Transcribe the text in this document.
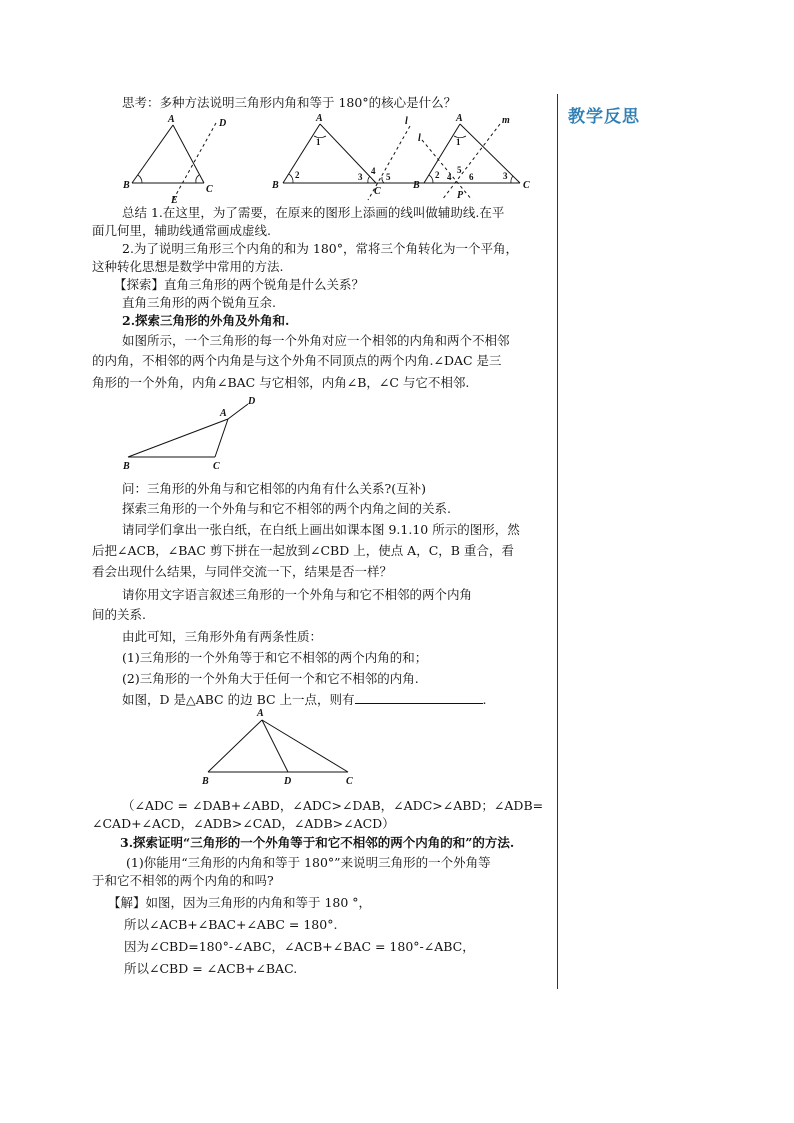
教学反思
思考：多种方法说明三角形内角和等于 180°的核心是什么？
B
A
C
D
E
B
A
C
l
1
2	3
4
5
B
A
C
P
l
m
1
2	3
4
5
6
总结 1.在这里，为了需要，在原来的图形上添画的线叫做辅助线.在平
面几何里，辅助线通常画成虚线.
2.为了说明三角形三个内角的和为 180°，常将三个角转化为一个平角，
这种转化思想是数学中常用的方法.
【探索】直角三角形的两个锐角是什么关系？
直角三角形的两个锐角互余.
2.探索三角形的外角及外角和.
如图所示，一个三角形的每一个外角对应一个相邻的内角和两个不相邻
的内角，不相邻的两个内角是与这个外角不同顶点的两个内角.∠DAC 是三
角形的一个外角，内角∠BAC 与它相邻，内角∠B，∠C 与它不相邻.
B	C
A
D
问：三角形的外角与和它相邻的内角有什么关系?(互补)
探索三角形的一个外角与和它不相邻的两个内角之间的关系.
请同学们拿出一张白纸，在白纸上画出如课本图 9.1.10 所示的图形，然
后把∠ACB，∠BAC 剪下拼在一起放到∠CBD 上，使点 A，C，B 重合，看
看会出现什么结果，与同伴交流一下，结果是否一样？
请你用文字语言叙述三角形的一个外角与和它不相邻的两个内角
间的关系.
由此可知，三角形外角有两条性质：
(1)三角形的一个外角等于和它不相邻的两个内角的和；
(2)三角形的一个外角大于任何一个和它不相邻的内角.
如图，D 是△ABC 的边 BC 上一点，则有	.
A
B	D	C
（∠ADC = ∠DAB+∠ABD，∠ADC>∠DAB，∠ADC>∠ABD；∠ADB=
∠CAD+∠ACD，∠ADB>∠CAD，∠ADB>∠ACD）
3.探索证明“三角形的一个外角等于和它不相邻的两个内角的和”的方法.
(1)你能用“三角形的内角和等于 180°”来说明三角形的一个外角等
于和它不相邻的两个内角的和吗?
【解】如图，因为三角形的内角和等于 180 °，
所以∠ACB+∠BAC+∠ABC = 180°.
因为∠CBD=180°-∠ABC，∠ACB+∠BAC = 180°-∠ABC，
所以∠CBD = ∠ACB+∠BAC.
